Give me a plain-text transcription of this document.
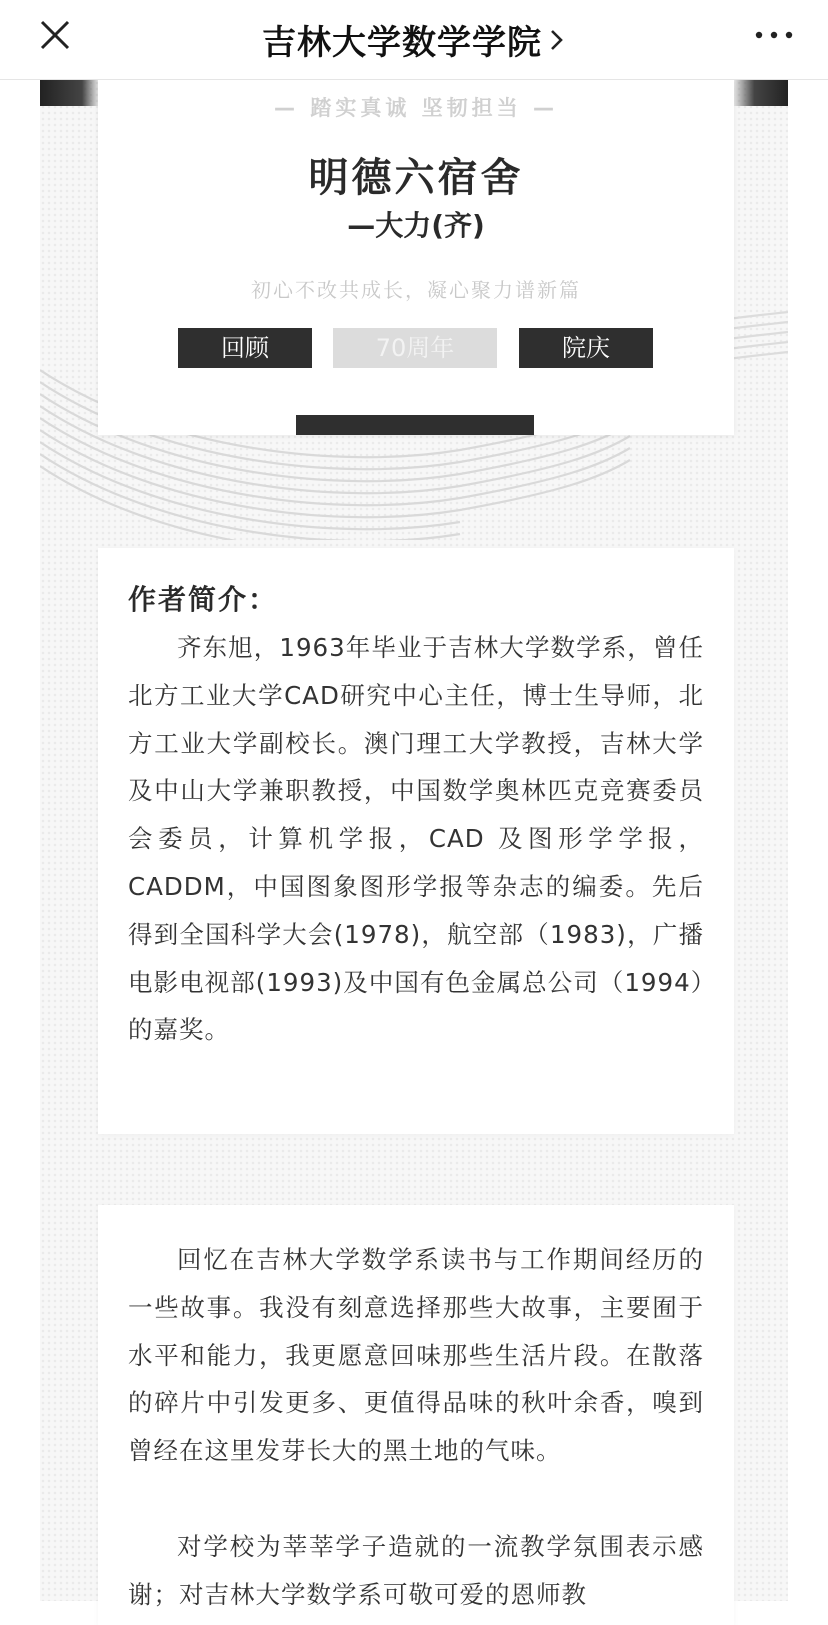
吉林大学数学学院
— 踏实真诚 坚韧担当 —
明德六宿舍
—大力(齐)
初心不改共成长，凝心聚力谱新篇
回顾	70周年	院庆
作者简介：

齐东旭，1963年毕业于吉林大学数学系，曾任北方工业大学CAD研究中心主任，博士生导师，北方工业大学副校长。澳门理工大学教授，吉林大学及中山大学兼职教授，中国数学奥林匹克竞赛委员会委员，计算机学报，CAD 及图形学学报，CADDM，中国图象图形学报等杂志的编委。先后得到全国科学大会(1978)，航空部（1983)，广播电影电视部(1993)及中国有色金属总公司（1994）的嘉奖。

回忆在吉林大学数学系读书与工作期间经历的一些故事。我没有刻意选择那些大故事，主要囿于水平和能力，我更愿意回味那些生活片段。在散落的碎片中引发更多、更值得品味的秋叶余香，嗅到曾经在这里发芽长大的黑土地的气味。

对学校为莘莘学子造就的一流教学氛围表示感谢；对吉林大学数学系可敬可爱的恩师教
